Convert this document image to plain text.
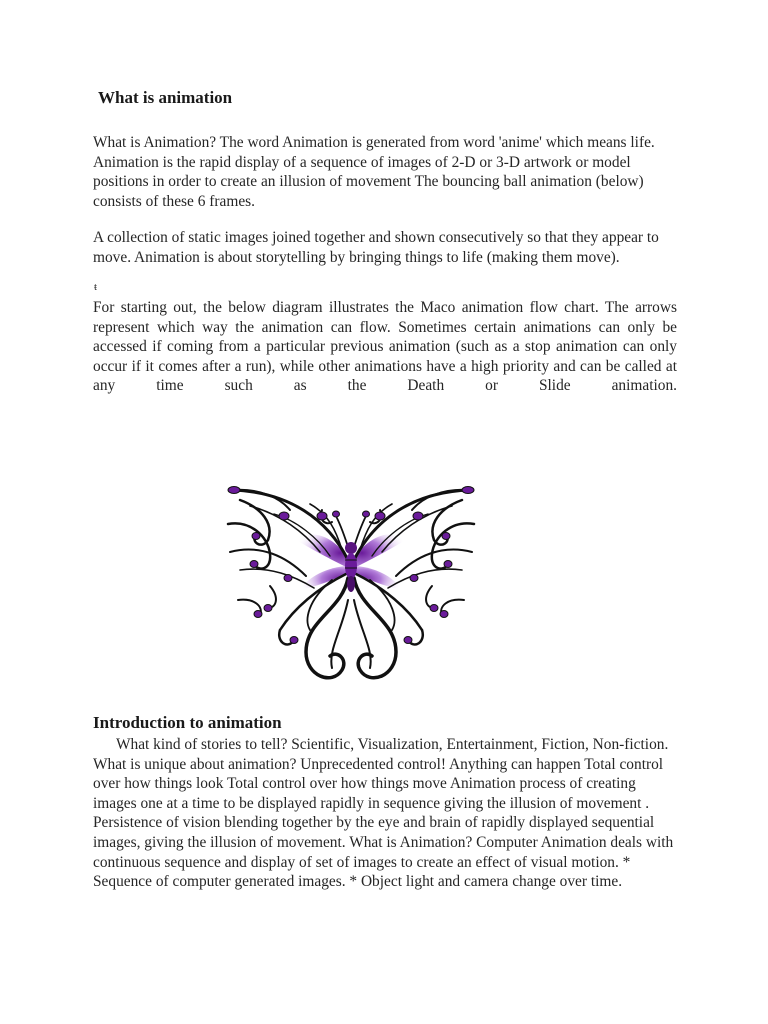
What is animation

What is Animation? The word Animation is generated from word 'anime' which means life. Animation is the rapid display of a sequence of images of 2-D or 3-D artwork or model positions in order to create an illusion of movement The bouncing ball animation (below) consists of these 6 frames.

A collection of static images joined together and shown consecutively so that they appear to move. Animation is about storytelling by bringing things to life (making them move).

ŧ

For starting out, the below diagram illustrates the Maco animation flow chart. The arrows represent which way the animation can flow. Sometimes certain animations can only be accessed if coming from a particular previous animation (such as a stop animation can only occur if it comes after a run), while other animations have a high priority and can be called at any time such as the Death or Slide animation.

Introduction to animation

What kind of stories to tell? Scientific, Visualization, Entertainment, Fiction, Non-fiction. What is unique about animation? Unprecedented control! Anything can happen Total control over how things look Total control over how things move Animation process of creating images one at a time to be displayed rapidly in sequence giving the illusion of movement . Persistence of vision blending together by the eye and brain of rapidly displayed sequential images, giving the illusion of movement. What is Animation? Computer Animation deals with continuous sequence and display of set of images to create an effect of visual motion. * Sequence of computer generated images. * Object light and camera change over time.
